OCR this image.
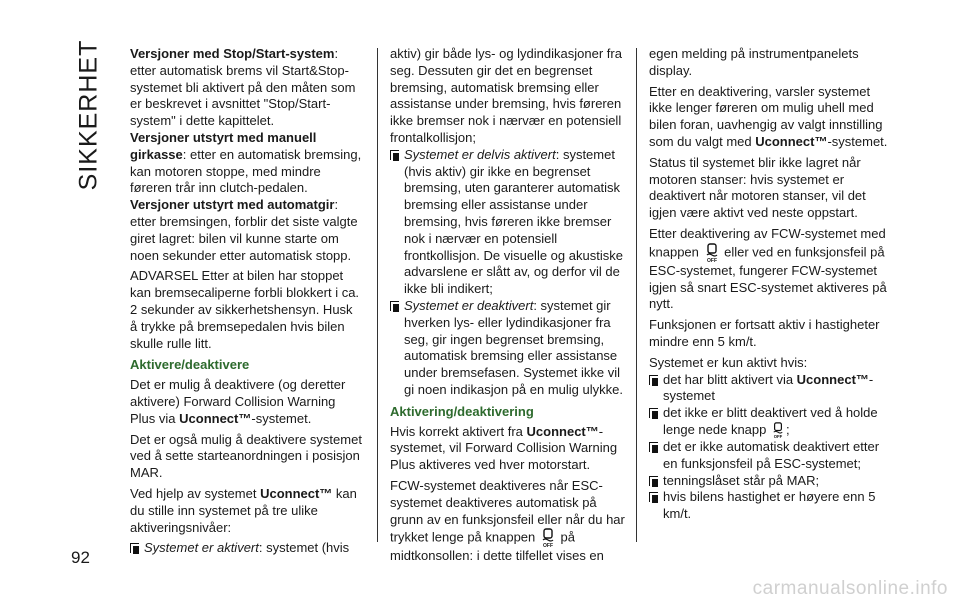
SIKKERHET
92
carmanualsonline.info

Versjoner med Stop/Start-system: etter automatisk brems vil Start&Stop-systemet bli aktivert på den måten som er beskrevet i avsnittet "Stop/Start-system" i dette kapittelet.

Versjoner utstyrt med manuell girkasse: etter en automatisk bremsing, kan motoren stoppe, med mindre føreren trår inn clutch-pedalen.

Versjoner utstyrt med automatgir: etter bremsingen, forblir det siste valgte giret lagret: bilen vil kunne starte om noen sekunder etter automatisk stopp.

ADVARSEL Etter at bilen har stoppet kan bremsecaliperne forbli blokkert i ca. 2 sekunder av sikkerhetshensyn. Husk å trykke på bremsepedalen hvis bilen skulle rulle litt.

Aktivere/deaktivere

Det er mulig å deaktivere (og deretter aktivere) Forward Collision Warning Plus via Uconnect™-systemet.

Det er også mulig å deaktivere systemet ved å sette starteanordningen i posisjon MAR.

Ved hjelp av systemet Uconnect™ kan du stille inn systemet på tre ulike aktiveringsnivåer:

Systemet er aktivert: systemet (hvis

aktiv) gir både lys- og lydindikasjoner fra seg. Dessuten gir det en begrenset bremsing, automatisk bremsing eller assistanse under bremsing, hvis føreren ikke bremser nok i nærvær en potensiell frontalkollisjon;

Systemet er delvis aktivert: systemet (hvis aktiv) gir ikke en begrenset bremsing, uten garanterer automatisk bremsing eller assistanse under bremsing, hvis føreren ikke bremser nok i nærvær en potensiell frontkollisjon. De visuelle og akustiske advarslene er slått av, og derfor vil de ikke bli indikert;
Systemet er deaktivert: systemet gir hverken lys- eller lydindikasjoner fra seg, gir ingen begrenset bremsing, automatisk bremsing eller assistanse under bremsefasen. Systemet ikke vil gi noen indikasjon på en mulig ulykke.
Aktivering/deaktivering

Hvis korrekt aktivert fra Uconnect™-systemet, vil Forward Collision Warning Plus aktiveres ved hver motorstart.

FCW-systemet deaktiveres når ESC-systemet deaktiveres automatisk på grunn av en funksjonsfeil eller når du har trykket lenge på knappen
OFF
på midtkonsollen: i dette tilfellet vises en

egen melding på instrumentpanelets display.

Etter en deaktivering, varsler systemet ikke lenger føreren om mulig uhell med bilen foran, uavhengig av valgt innstilling som du valgt med Uconnect™-systemet.

Status til systemet blir ikke lagret når motoren stanser: hvis systemet er deaktivert når motoren stanser, vil det igjen være aktivt ved neste oppstart.

Etter deaktivering av FCW-systemet med knappen
OFF
eller ved en funksjonsfeil på ESC-systemet, fungerer FCW-systemet igjen så snart ESC-systemet aktiveres på nytt.

Funksjonen er fortsatt aktiv i hastigheter mindre enn 5 km/t.

Systemet er kun aktivt hvis:

det har blitt aktivert via Uconnect™-systemet
det ikke er blitt deaktivert ved å holde lenge nede knapp OFF ;
det er ikke automatisk deaktivert etter en funksjonsfeil på ESC-systemet;
tenningslåset står på MAR;
hvis bilens hastighet er høyere enn 5 km/t.
